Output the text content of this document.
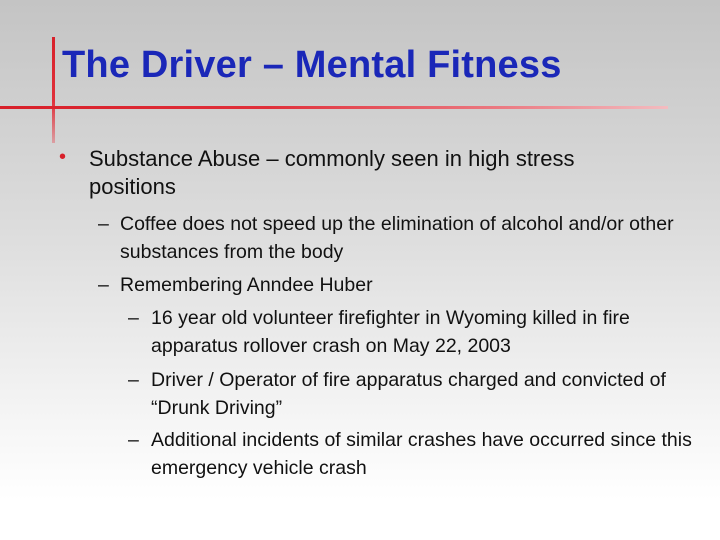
The Driver – Mental Fitness
• Substance Abuse – commonly seen in high stress positions

– Coffee does not speed up the elimination of alcohol and/or other substances from the body

– Remembering Anndee Huber

– 16 year old volunteer firefighter in Wyoming killed in fire apparatus rollover crash on May 22, 2003

– Driver / Operator of fire apparatus charged and convicted of “Drunk Driving”

– Additional incidents of similar crashes have occurred since this emergency vehicle crash
